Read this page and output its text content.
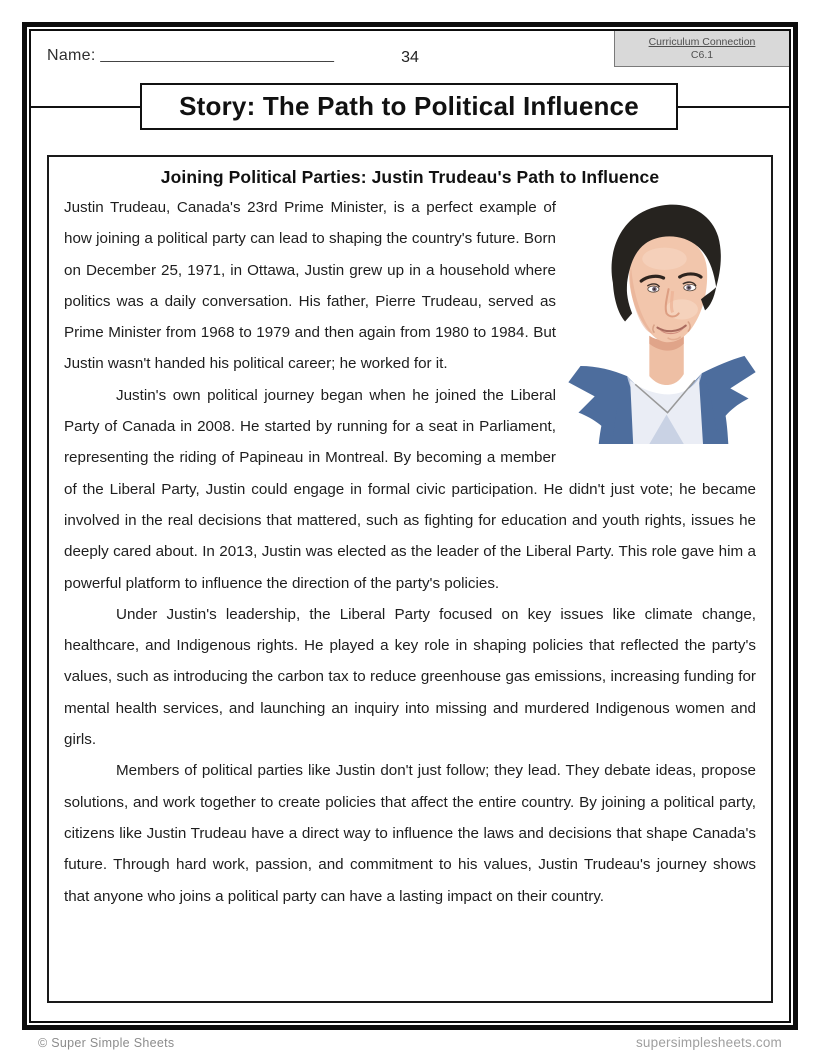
Name: ____________________________	34
Curriculum Connection
C6.1
Story: The Path to Political Influence
Joining Political Parties: Justin Trudeau's Path to Influence

Justin Trudeau, Canada's 23rd Prime Minister, is a perfect example of how joining a political party can lead to shaping the country's future. Born on December 25, 1971, in Ottawa, Justin grew up in a household where politics was a daily conversation. His father, Pierre Trudeau, served as Prime Minister from 1968 to 1979 and then again from 1980 to 1984. But Justin wasn't handed his political career; he worked for it.

Justin's own political journey began when he joined the Liberal Party of Canada in 2008. He started by running for a seat in Parliament, representing the riding of Papineau in Montreal. By becoming a member of the Liberal Party, Justin could engage in formal civic participation. He didn't just vote; he became involved in the real decisions that mattered, such as fighting for education and youth rights, issues he deeply cared about. In 2013, Justin was elected as the leader of the Liberal Party. This role gave him a powerful platform to influence the direction of the party's policies.

Under Justin's leadership, the Liberal Party focused on key issues like climate change, healthcare, and Indigenous rights. He played a key role in shaping policies that reflected the party's values, such as introducing the carbon tax to reduce greenhouse gas emissions, increasing funding for mental health services, and launching an inquiry into missing and murdered Indigenous women and girls.

Members of political parties like Justin don't just follow; they lead. They debate ideas, propose solutions, and work together to create policies that affect the entire country. By joining a political party, citizens like Justin Trudeau have a direct way to influence the laws and decisions that shape Canada's future. Through hard work, passion, and commitment to his values, Justin Trudeau's journey shows that anyone who joins a political party can have a lasting impact on their country.

© Super Simple Sheets	supersimplesheets.com
